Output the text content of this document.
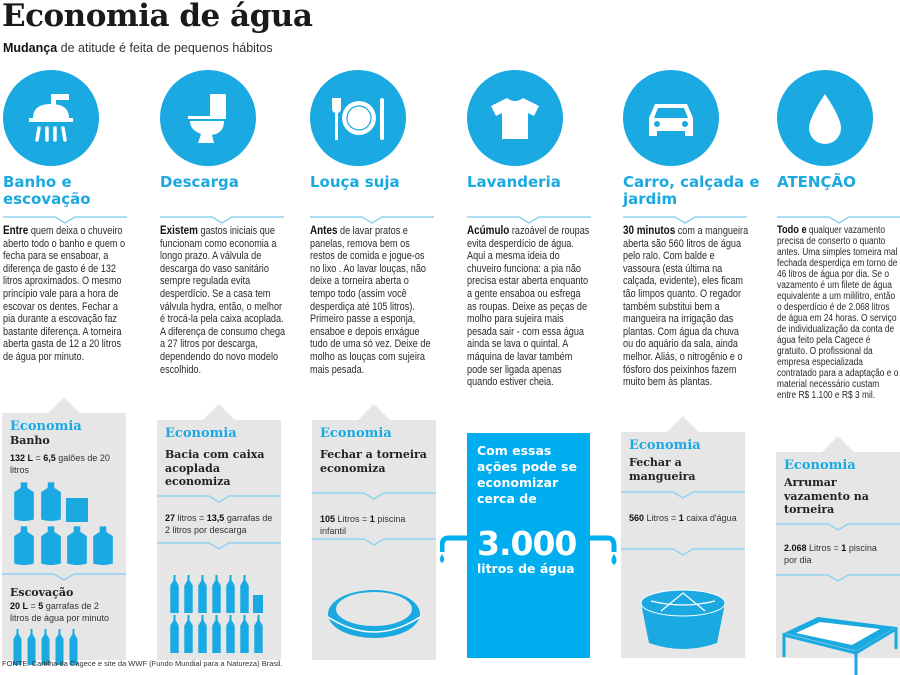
Economia de água
Mudança de atitude é feita de pequenos hábitos
Banho e escovação
Entre quem deixa o chuveiro aberto todo o banho e quem o fecha para se ensaboar, a diferença de gasto é de 132 litros aproximados. O mesmo princípio vale para a hora de escovar os dentes. Fechar a pia durante a escovação faz bastante diferença. A torneira aberta gasta de 12 a 20 litros de água por minuto.
Descarga
Existem gastos iniciais que funcionam como economia a longo prazo. A válvula de descarga do vaso sanitário sempre regulada evita desperdício. Se a casa tem válvula hydra, então, o melhor é trocá-la pela caixa acoplada. A diferença de consumo chega a 27 litros por descarga, dependendo do novo modelo escolhido.
Louça suja
Antes de lavar pratos e panelas, remova bem os restos de comida e jogue-os no lixo . Ao lavar louças, não deixe a torneira aberta o tempo todo (assim você desperdiça até 105 litros). Primeiro passe a esponja, ensaboe e depois enxágue tudo de uma só vez. Deixe de molho as louças com sujeira mais pesada.
Lavanderia
Acúmulo razoável de roupas evita desperdício de água. Aqui a mesma ideia do chuveiro funciona: a pia não precisa estar aberta enquanto a gente ensaboa ou esfrega as roupas. Deixe as peças de molho para sujeira mais pesada sair - com essa água ainda se lava o quintal. A máquina de lavar também pode ser ligada apenas quando estiver cheia.
Carro, calçada e jardim
30 minutos com a mangueira aberta são 560 litros de água pelo ralo. Com balde e vassoura (esta última na calçada, evidente), eles ficam tão limpos quanto. O regador também substitui bem a mangueira na irrigação das plantas. Com água da chuva ou do aquário da sala, ainda melhor. Aliás, o nitrogênio e o fósforo dos peixinhos fazem muito bem às plantas.
ATENÇÃO
Todo e qualquer vazamento precisa de conserto o quanto antes. Uma simples torneira mal fechada desperdiça em torno de 46 litros de água por dia. Se o vazamento é um filete de água equivalente a um mililitro, então o desperdício é de 2.068 litros de água em 24 horas. O serviço de individualização da conta de água feito pela Cagece é gratuito. O profissional da empresa especializada contratado para a adaptação e o material necessário custam entre R$ 1.100 e R$ 3 mil.
Economia
Banho
132 L = 6,5 galões de 20 litros
Escovação
20 L = 5 garrafas de 2 litros de água por minuto
Economia
Bacia com caixa acoplada economiza
27 litros = 13,5 garrafas de 2 litros por descarga
Economia
Fechar a torneira economiza
105 Litros = 1 piscina infantil
Com essas ações pode se economizar cerca de
3.000
litros de água
Economia
Fechar a mangueira
560 Litros = 1 caixa d'água
Economia
Arrumar vazamento na torneira
2.068 Litros = 1 piscina por dia
FONTE: Cartilha da Cagece e site da WWF (Fundo Mundial para a Natureza) Brasil.
